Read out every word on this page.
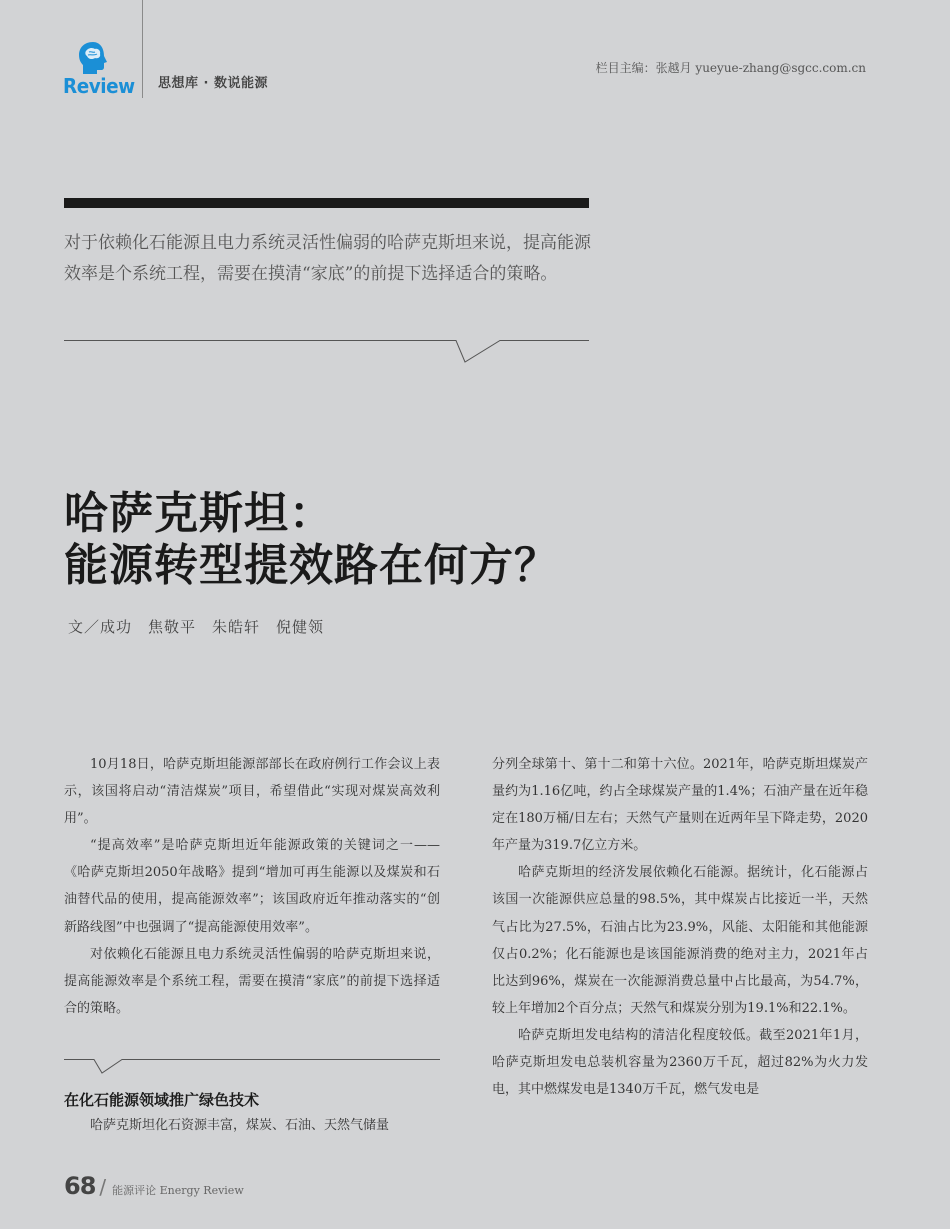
Review 思想库 · 数说能源
栏目主编：张越月 yueyue-zhang@sgcc.com.cn

对于依赖化石能源且电力系统灵活性偏弱的哈萨克斯坦来说，提高能源效率是个系统工程，需要在摸清“家底”的前提下选择适合的策略。

哈萨克斯坦：
能源转型提效路在何方？
文／成功　焦敬平　朱皓轩　倪健领

10月18日，哈萨克斯坦能源部部长在政府例行工作会议上表示，该国将启动“清洁煤炭”项目，希望借此“实现对煤炭高效利用”。

“提高效率”是哈萨克斯坦近年能源政策的关键词之一——《哈萨克斯坦2050年战略》提到“增加可再生能源以及煤炭和石油替代品的使用，提高能源效率”；该国政府近年推动落实的“创新路线图”中也强调了“提高能源使用效率”。

对依赖化石能源且电力系统灵活性偏弱的哈萨克斯坦来说，提高能源效率是个系统工程，需要在摸清“家底”的前提下选择适合的策略。

在化石能源领域推广绿色技术

哈萨克斯坦化石资源丰富，煤炭、石油、天然气储量

分列全球第十、第十二和第十六位。2021年，哈萨克斯坦煤炭产量约为1.16亿吨，约占全球煤炭产量的1.4%；石油产量在近年稳定在180万桶/日左右；天然气产量则在近两年呈下降走势，2020年产量为319.7亿立方米。

哈萨克斯坦的经济发展依赖化石能源。据统计，化石能源占该国一次能源供应总量的98.5%，其中煤炭占比接近一半，天然气占比为27.5%，石油占比为23.9%，风能、太阳能和其他能源仅占0.2%；化石能源也是该国能源消费的绝对主力，2021年占比达到96%，煤炭在一次能源消费总量中占比最高，为54.7%，较上年增加2个百分点；天然气和煤炭分别为19.1%和22.1%。

哈萨克斯坦发电结构的清洁化程度较低。截至2021年1月，哈萨克斯坦发电总装机容量为2360万千瓦，超过82%为火力发电，其中燃煤发电是1340万千瓦，燃气发电是

68 / 能源评论 Energy Review
